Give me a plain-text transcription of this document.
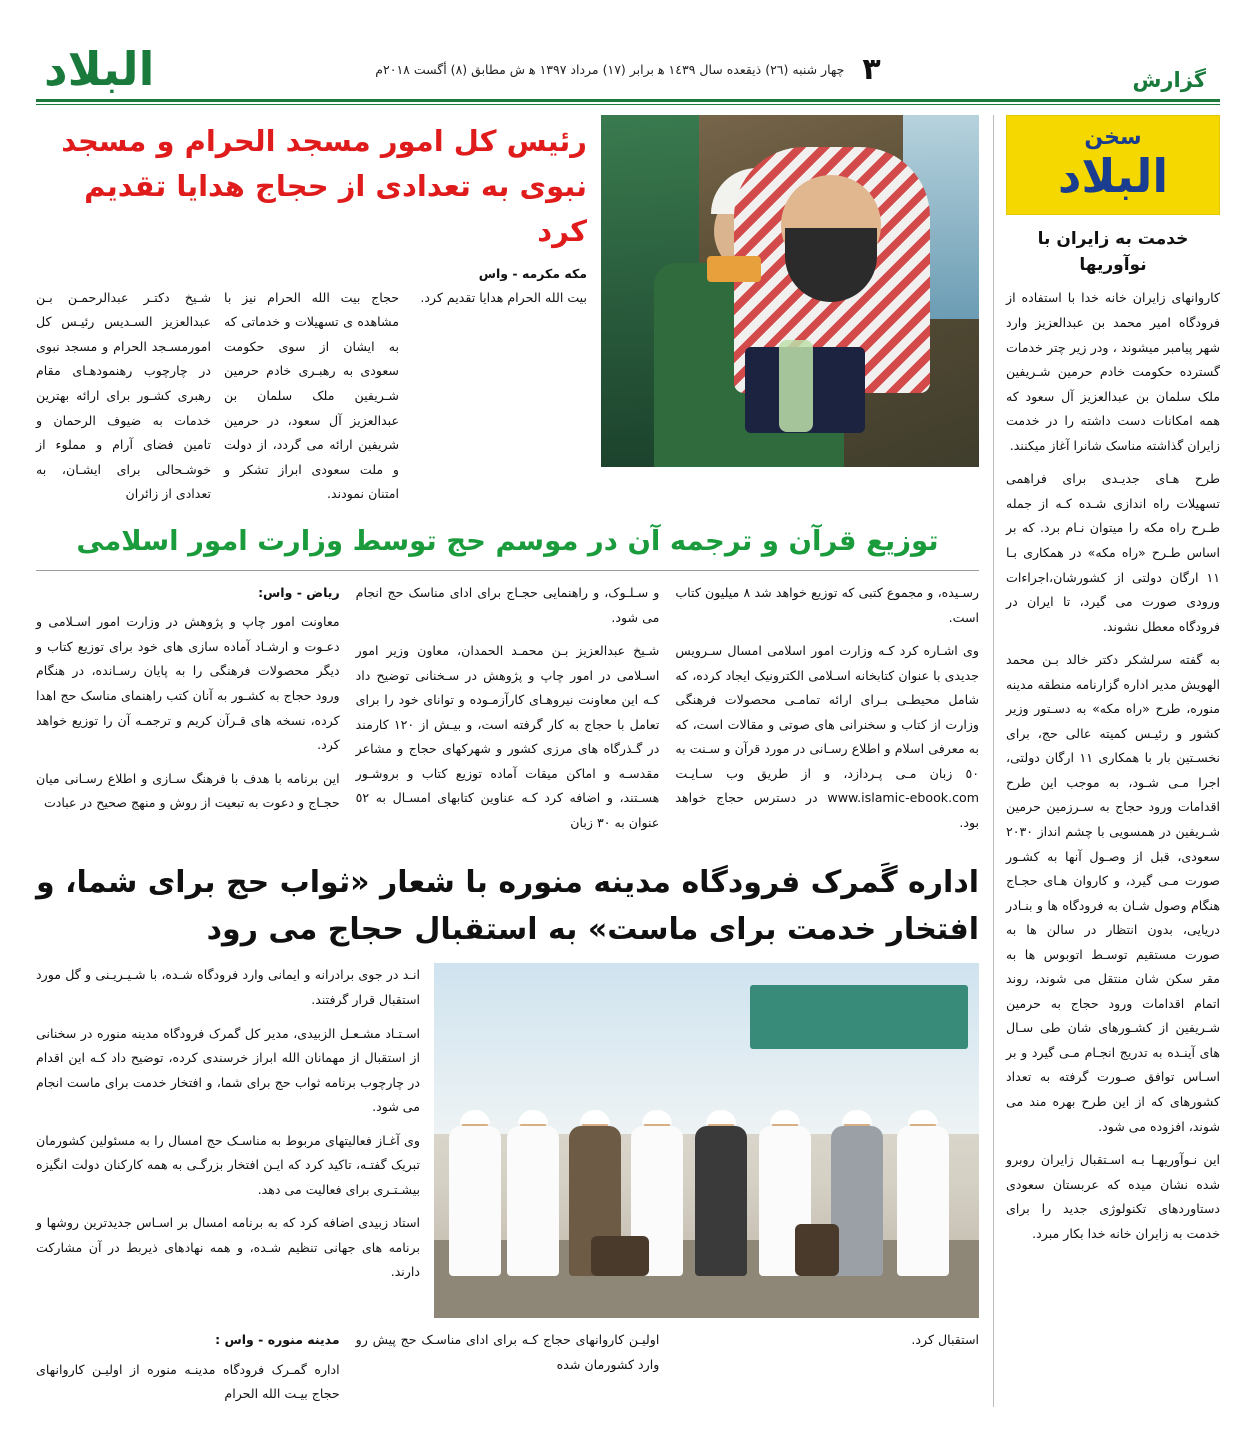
گزارش
٣
چهار شنبه (٢٦) ذیقعده سال ١٤٣٩ ه‍ برابر (١٧) مرداد ١٣٩٧ ه‍ ش مطابق (٨) أگست ٢٠١٨م
البلاد
سخن
البلاد
خدمت به زایران با نوآوریها

کاروانهای زایران خانه خدا با استفاده از فرودگاه امیر محمد بن عبدالعزیز وارد شهر پیامبر میشوند ، ودر زیر چتر خدمات گسترده حکومت خادم حرمین شـریفین ملک سلمان بن عبدالعزیز آل سعود که همه امکانات دست داشته را در خدمت زایران گذاشته مناسک شانرا آغاز میکنند.

طرح هـای جدیـدی برای فراهمی تسهیلات راه اندازی شـده کـه از جمله طـرح راه مکه را میتوان نـام برد. که بر اساس طـرح «راه مکه» در همکاری بـا ١١ ارگان دولتی از کشورشان،اجراءات ورودی صورت می گیرد، تا ایران در فرودگاه معطل نشوند.

به گفته سرلشکر دکتر خالد بـن محمد الهویش مدیر اداره گزارنامه منطقه مدینه منوره، طرح «راه مکه» به دسـتور وزیر کشور و رئیـس کمیته عالی حج، برای نخسـتین بار با همکاری ١١ ارگان دولتی، اجرا مـی شـود، به موجب این طرح اقدامات ورود حجاج به سـرزمین حرمین شـریفین در همسویی با چشم انداز ٢٠٣٠ سعودی، قبل از وصـول آنها به کشـور صورت مـی گیرد، و کاروان هـای حجـاج هنگام وصول شـان به فرودگاه ها و بنـادر دریایی، بدون انتظار در سالن ها به صورت مستقیم توسـط اتوبوس ها به مقر سکن شان منتقل می شوند، روند اتمام اقدامات ورود حجاج به حرمین شـریفین از کشـورهای شان طی سـال های آینـده به تدریج انجـام مـی گیرد و بر اسـاس توافق صـورت گرفته به تعداد کشورهای که از این طرح بهره مند می شوند، افزوده می شود.

این نـوآوریهـا بـه اسـتقبال زایران روبرو شده نشان میده که عربستان سعودی دستاوردهای تکنولوژی جدید را برای خدمت به زایران خانه خدا بکار مبرد.

رئیس کل امور مسجد الحرام و مسجد نبوی به تعدادی از حجاج هدایا تقدیم کرد
مکه مکرمه - واس
بیت الله الحرام هدایا تقدیم کرد.
حجاج بیت الله الحرام نیز با مشاهده ی تسهیلات و خدماتی که به ایشان از سوی حکومت سعودی به رهبـری خادم حرمین شـریفین ملک سلمان بن عبدالعزیز آل سعود، در حرمین شریفین ارائه می گردد، از دولت و ملت سعودی ابراز تشکر و امتنان نمودند.
شـیخ دکتـر عبدالرحمـن بـن عبدالعزیز السـدیس رئیـس کل امورمسـجد الحرام و مسجد نبوی در چارچوب رهنمودهـای مقام رهبری کشـور برای ارائه بهترین خدمات به ضیوف الرحمان و تامین فضای آرام و مملوء از خوشـحالی برای ایشـان، به تعدادی از زائران
توزیع قرآن و ترجمه آن در موسم حج توسط وزارت امور اسلامی

رسـیده، و مجموع کتبی که توزیع خواهد شد ٨ میلیون کتاب است.

وی اشـاره کرد کـه وزارت امور اسلامی امسال سـرویس جدیدی با عنوان کتابخانه اسـلامی الکترونیک ایجاد کرده، که شامل محیطـی بـرای ارائه تمامـی محصولات فرهنگی وزارت از کتاب و سخنرانی های صوتی و مقالات است، که به معرفی اسلام و اطلاع رسـانی در مورد قرآن و سـنت به ٥٠ زبان مـی پـردازد، و از طریق وب سـایـت www.islamic-ebook.com در دسترس حجاج خواهد بود.

و سـلـوک، و راهنمایی حجـاج برای ادای مناسک حج انجام می شود.

شـیخ عبدالعزیز بـن محمـد الحمدان، معاون وزیر امور اسـلامی در امور چاپ و پژوهش در سـخنانی توضیح داد کـه این معاونت نیروهـای کارآزمـوده و توانای خود را برای تعامل با حجاج به کار گرفته است، و بیـش از ١٢٠ کارمند در گـذرگاه های مرزی کشور و شهرکهای حجاج و مشاعر مقدسـه و اماکن میقات آماده توزیع کتاب و بروشـور هسـتند، و اضافه کرد کـه عناوین کتابهای امسـال به ٥٢ عنوان به ٣٠ زبان

ریاض - واس:

معاونت امور چاپ و پژوهش در وزارت امور اسـلامی و دعـوت و ارشـاد آماده سازی های خود برای توزیع کتاب و دیگر محصولات فرهنگی را به پایان رسـانده، در هنگام ورود حجاج به کشـور به آنان کتب راهنمای مناسک حج اهدا کرده، نسخه های قـرآن کریم و ترجمـه آن را توزیع خواهد کرد.

این برنامه با هدف با فرهنگ سـازی و اطلاع رسـانی میان حجـاج و دعوت به تبعیت از روش و منهج صحیح در عبادت

اداره گَمرک فرودگاه مدینه منوره با شعار «ثواب حج برای شما، و افتخار خدمت برای ماست» به استقبال حجاج می رود

انـد در جوی برادرانه و ایمانی وارد فرودگاه شـده، با شـیـریـنی و گل مورد استقبال قرار گرفتند.

اسـتـاد مشـعـل الزبیدی، مدیر کل گمرک فرودگاه مدینه منوره در سخنانی از استقبال از مهمانان الله ابراز خرسندی کرده، توضیح داد کـه این اقدام در چارچوب برنامه ثواب حج برای شما، و افتخار خدمت برای ماست انجام می شود.

وی آغـاز فعالیتهای مربوط به مناسـک حج امسال را به مسئولین کشورمان تبریک گفتـه، تاکید کرد که ایـن افتخار بزرگـی به همه کارکنان دولت انگیزه بیشـتـری برای فعالیت می دهد.

استاد زبیدی اضافه کرد که به برنامه امسال بر اسـاس جدیدترین روشها و برنامه های جهانی تنظیم شـده، و همه نهادهای ذیربط در آن مشارکت دارند.

استقبال کرد.
اولیـن کاروانهای حجاج کـه برای ادای مناسـک حج پیش رو وارد کشورمان شده
مدینه منوره - واس :
اداره گمـرک فرودگاه مدینـه منوره از اولیـن کاروانهای حجاج بیـت الله الحرام
